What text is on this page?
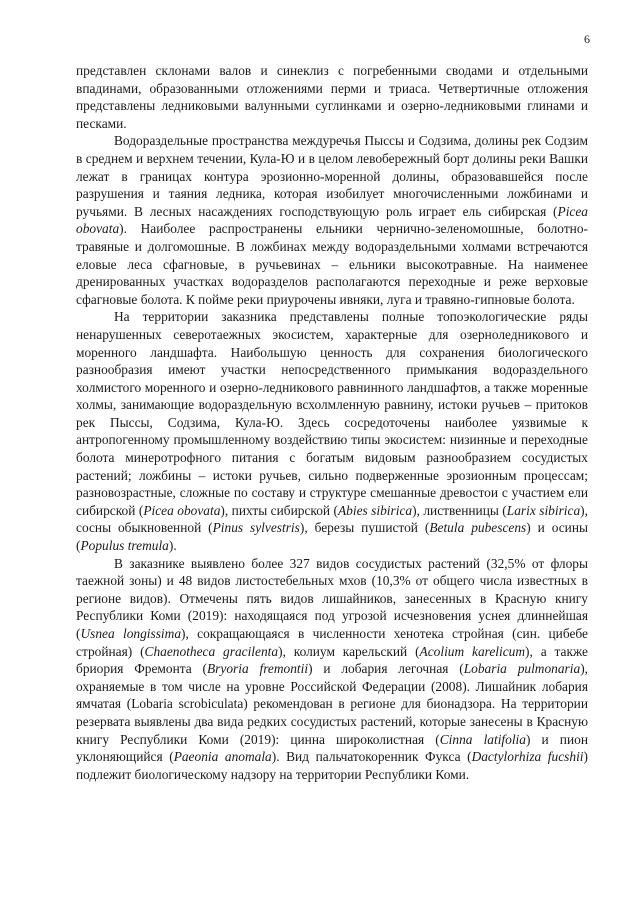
6

представлен склонами валов и синеклиз с погребенными сводами и отдельными впадинами, образованными отложениями перми и триаса. Четвертичные отложения представлены ледниковыми валунными суглинками и озерно-ледниковыми глинами и песками.

Водораздельные пространства междуречья Пыссы и Содзима, долины рек Содзим в среднем и верхнем течении, Кула-Ю и в целом левобережный борт долины реки Вашки лежат в границах контура эрозионно-моренной долины, образовавшейся после разрушения и таяния ледника, которая изобилует многочисленными ложбинами и ручьями. В лесных насаждениях господствующую роль играет ель сибирская (Picea obovata). Наиболее распространены ельники чернично-зеленомошные, болотно-травяные и долгомошные. В ложбинах между водораздельными холмами встречаются еловые леса сфагновые, в ручьевинах – ельники высокотравные. На наименее дренированных участках водоразделов располагаются переходные и реже верховые сфагновые болота. К пойме реки приурочены ивняки, луга и травяно-гипновые болота.

На территории заказника представлены полные топоэкологические ряды ненарушенных северотаежных экосистем, характерные для озерноледникового и моренного ландшафта. Наибольшую ценность для сохранения биологического разнообразия имеют участки непосредственного примыкания водораздельного холмистого моренного и озерно-ледникового равнинного ландшафтов, а также моренные холмы, занимающие водораздельную всхолмленную равнину, истоки ручьев – притоков рек Пыссы, Содзима, Кула-Ю. Здесь сосредоточены наиболее уязвимые к антропогенному промышленному воздействию типы экосистем: низинные и переходные болота минеротрофного питания с богатым видовым разнообразием сосудистых растений; ложбины – истоки ручьев, сильно подверженные эрозионным процессам; разновозрастные, сложные по составу и структуре смешанные древостои с участием ели сибирской (Picea obovata), пихты сибирской (Abies sibirica), лиственницы (Larix sibirica), сосны обыкновенной (Pinus sylvestris), березы пушистой (Betula pubescens) и осины (Populus tremula).

В заказнике выявлено более 327 видов сосудистых растений (32,5% от флоры таежной зоны) и 48 видов листостебельных мхов (10,3% от общего числа известных в регионе видов). Отмечены пять видов лишайников, занесенных в Красную книгу Республики Коми (2019): находящаяся под угрозой исчезновения уснея длиннейшая (Usnea longissima), сокращающаяся в численности хенотека стройная (син. цибебе стройная) (Chaenotheca gracilenta), колиум карельский (Acolium karelicum), а также бриория Фремонта (Bryoria fremontii) и лобария легочная (Lobaria pulmonaria), охраняемые в том числе на уровне Российской Федерации (2008). Лишайник лобария ямчатая (Lobaria scrobiculata) рекомендован в регионе для бионадзора. На территории резервата выявлены два вида редких сосудистых растений, которые занесены в Красную книгу Республики Коми (2019): цинна широколистная (Cinna latifolia) и пион уклоняющийся (Paeonia anomala). Вид пальчатокоренник Фукса (Dactylorhiza fucshii) подлежит биологическому надзору на территории Республики Коми.
